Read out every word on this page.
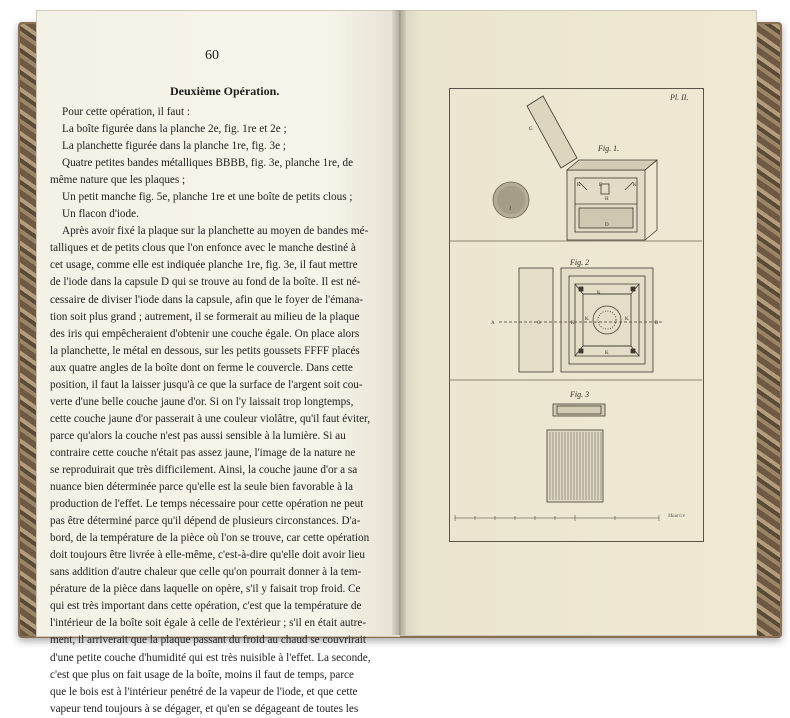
60
Deuxième Opération.
Pour cette opération, il faut :
La boîte figurée dans la planche 2e, fig. 1re et 2e ;
La planchette figurée dans la planche 1re, fig. 3e ;
Quatre petites bandes métalliques BBBB, fig. 3e, planche 1re, de
même nature que les plaques ;
Un petit manche fig. 5e, planche 1re et une boîte de petits clous ;
Un flacon d'iode.
Après avoir fixé la plaque sur la planchette au moyen de bandes mé-
talliques et de petits clous que l'on enfonce avec le manche destiné à
cet usage, comme elle est indiquée planche 1re, fig. 3e, il faut mettre
de l'iode dans la capsule D qui se trouve au fond de la boîte. Il est né-
cessaire de diviser l'iode dans la capsule, afin que le foyer de l'émana-
tion soit plus grand ; autrement, il se formerait au milieu de la plaque
des iris qui empêcheraient d'obtenir une couche égale. On place alors
la planchette, le métal en dessous, sur les petits goussets FFFF placés
aux quatre angles de la boîte dont on ferme le couvercle. Dans cette
position, il faut la laisser jusqu'à ce que la surface de l'argent soit cou-
verte d'une belle couche jaune d'or. Si on l'y laissait trop longtemps,
cette couche jaune d'or passerait à une couleur violâtre, qu'il faut éviter,
parce qu'alors la couche n'est pas aussi sensible à la lumière. Si au
contraire cette couche n'était pas assez jaune, l'image de la nature ne
se reproduirait que très difficilement. Ainsi, la couche jaune d'or a sa
nuance bien déterminée parce qu'elle est la seule bien favorable à la
production de l'effet. Le temps nécessaire pour cette opération ne peut
pas être déterminé parce qu'il dépend de plusieurs circonstances. D'a-
bord, de la température de la pièce où l'on se trouve, car cette opération
doit toujours être livrée à elle-même, c'est-à-dire qu'elle doit avoir lieu
sans addition d'autre chaleur que celle qu'on pourrait donner à la tem-
pérature de la pièce dans laquelle on opère, s'il y faisait trop froid. Ce
qui est très important dans cette opération, c'est que la température de
l'intérieur de la boîte soit égale à celle de l'extérieur ; s'il en était autre-
ment, il arriverait que la plaque passant du froid au chaud se couvrirait
d'une petite couche d'humidité qui est très nuisible à l'effet. La seconde,
c'est que plus on fait usage de la boîte, moins il faut de temps, parce
que le bois est à l'intérieur penétré de la vapeur de l'iode, et que cette
vapeur tend toujours à se dégager, et qu'en se dégageant de toutes les
Pl. II.
Fig. 1.
Fig. 2
Fig. 3
Maurice
G
E
K	K
H
D
J
K
K	K
K
A	G	K	B
